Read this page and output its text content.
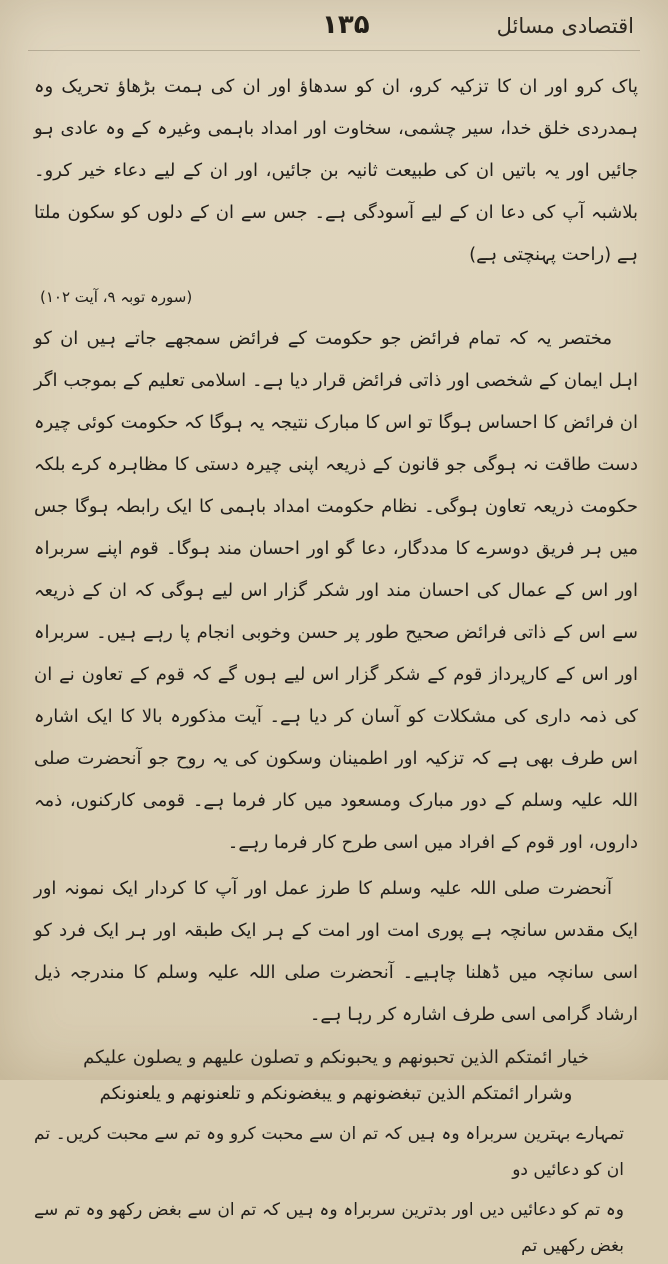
اقتصادی مسائل
۱۳۵

پاک کرو اور ان کا تزکیہ کرو، ان کو سدھاؤ اور ان کی ہمت بڑھاؤ تحریک وہ ہمدردی خلق خدا، سیر چشمی، سخاوت اور امداد باہمی وغیرہ کے وہ عادی ہو جائیں اور یہ باتیں ان کی طبیعت ثانیہ بن جائیں، اور ان کے لیے دعاء خیر کرو۔ بلاشبہ آپ کی دعا ان کے لیے آسودگی ہے۔ جس سے ان کے دلوں کو سکون ملتا ہے (راحت پہنچتی ہے)

(سورہ توبہ ۹، آیت ۱۰۲)

مختصر یہ کہ تمام فرائض جو حکومت کے فرائض سمجھے جاتے ہیں ان کو اہل ایمان کے شخصی اور ذاتی فرائض قرار دیا ہے۔ اسلامی تعلیم کے بموجب اگر ان فرائض کا احساس ہوگا تو اس کا مبارک نتیجہ یہ ہوگا کہ حکومت کوئی چیرہ دست طاقت نہ ہوگی جو قانون کے ذریعہ اپنی چیرہ دستی کا مظاہرہ کرے بلکہ حکومت ذریعہ تعاون ہوگی۔ نظام حکومت امداد باہمی کا ایک رابطہ ہوگا جس میں ہر فریق دوسرے کا مددگار، دعا گو اور احسان مند ہوگا۔ قوم اپنے سربراہ اور اس کے عمال کی احسان مند اور شکر گزار اس لیے ہوگی کہ ان کے ذریعہ سے اس کے ذاتی فرائض صحیح طور پر حسن وخوبی انجام پا رہے ہیں۔ سربراہ اور اس کے کارپرداز قوم کے شکر گزار اس لیے ہوں گے کہ قوم کے تعاون نے ان کی ذمہ داری کی مشکلات کو آسان کر دیا ہے۔ آیت مذکورہ بالا کا ایک اشارہ اس طرف بھی ہے کہ تزکیہ اور اطمینان وسکون کی یہ روح جو آنحضرت صلی اللہ علیہ وسلم کے دور مبارک ومسعود میں کار فرما ہے۔ قومی کارکنوں، ذمہ داروں، اور قوم کے افراد میں اسی طرح کار فرما رہے۔

آنحضرت صلی اللہ علیہ وسلم کا طرز عمل اور آپ کا کردار ایک نمونہ اور ایک مقدس سانچہ ہے پوری امت اور امت کے ہر ایک طبقہ اور ہر ایک فرد کو اسی سانچہ میں ڈھلنا چاہیے۔ آنحضرت صلی اللہ علیہ وسلم کا مندرجہ ذیل ارشاد گرامی اسی طرف اشارہ کر رہا ہے۔

خیار ائمتکم الذین تحبونھم و یحبونکم و تصلون علیھم و یصلون علیکم

وشرار ائمتکم الذین تبغضونھم و یبغضونکم و تلعنونھم و یلعنونکم

تمہارے بہترین سربراہ وہ ہیں کہ تم ان سے محبت کرو وہ تم سے محبت کریں۔ تم ان کو دعائیں دو

وہ تم کو دعائیں دیں اور بدترین سربراہ وہ ہیں کہ تم ان سے بغض رکھو وہ تم سے بغض رکھیں تم
